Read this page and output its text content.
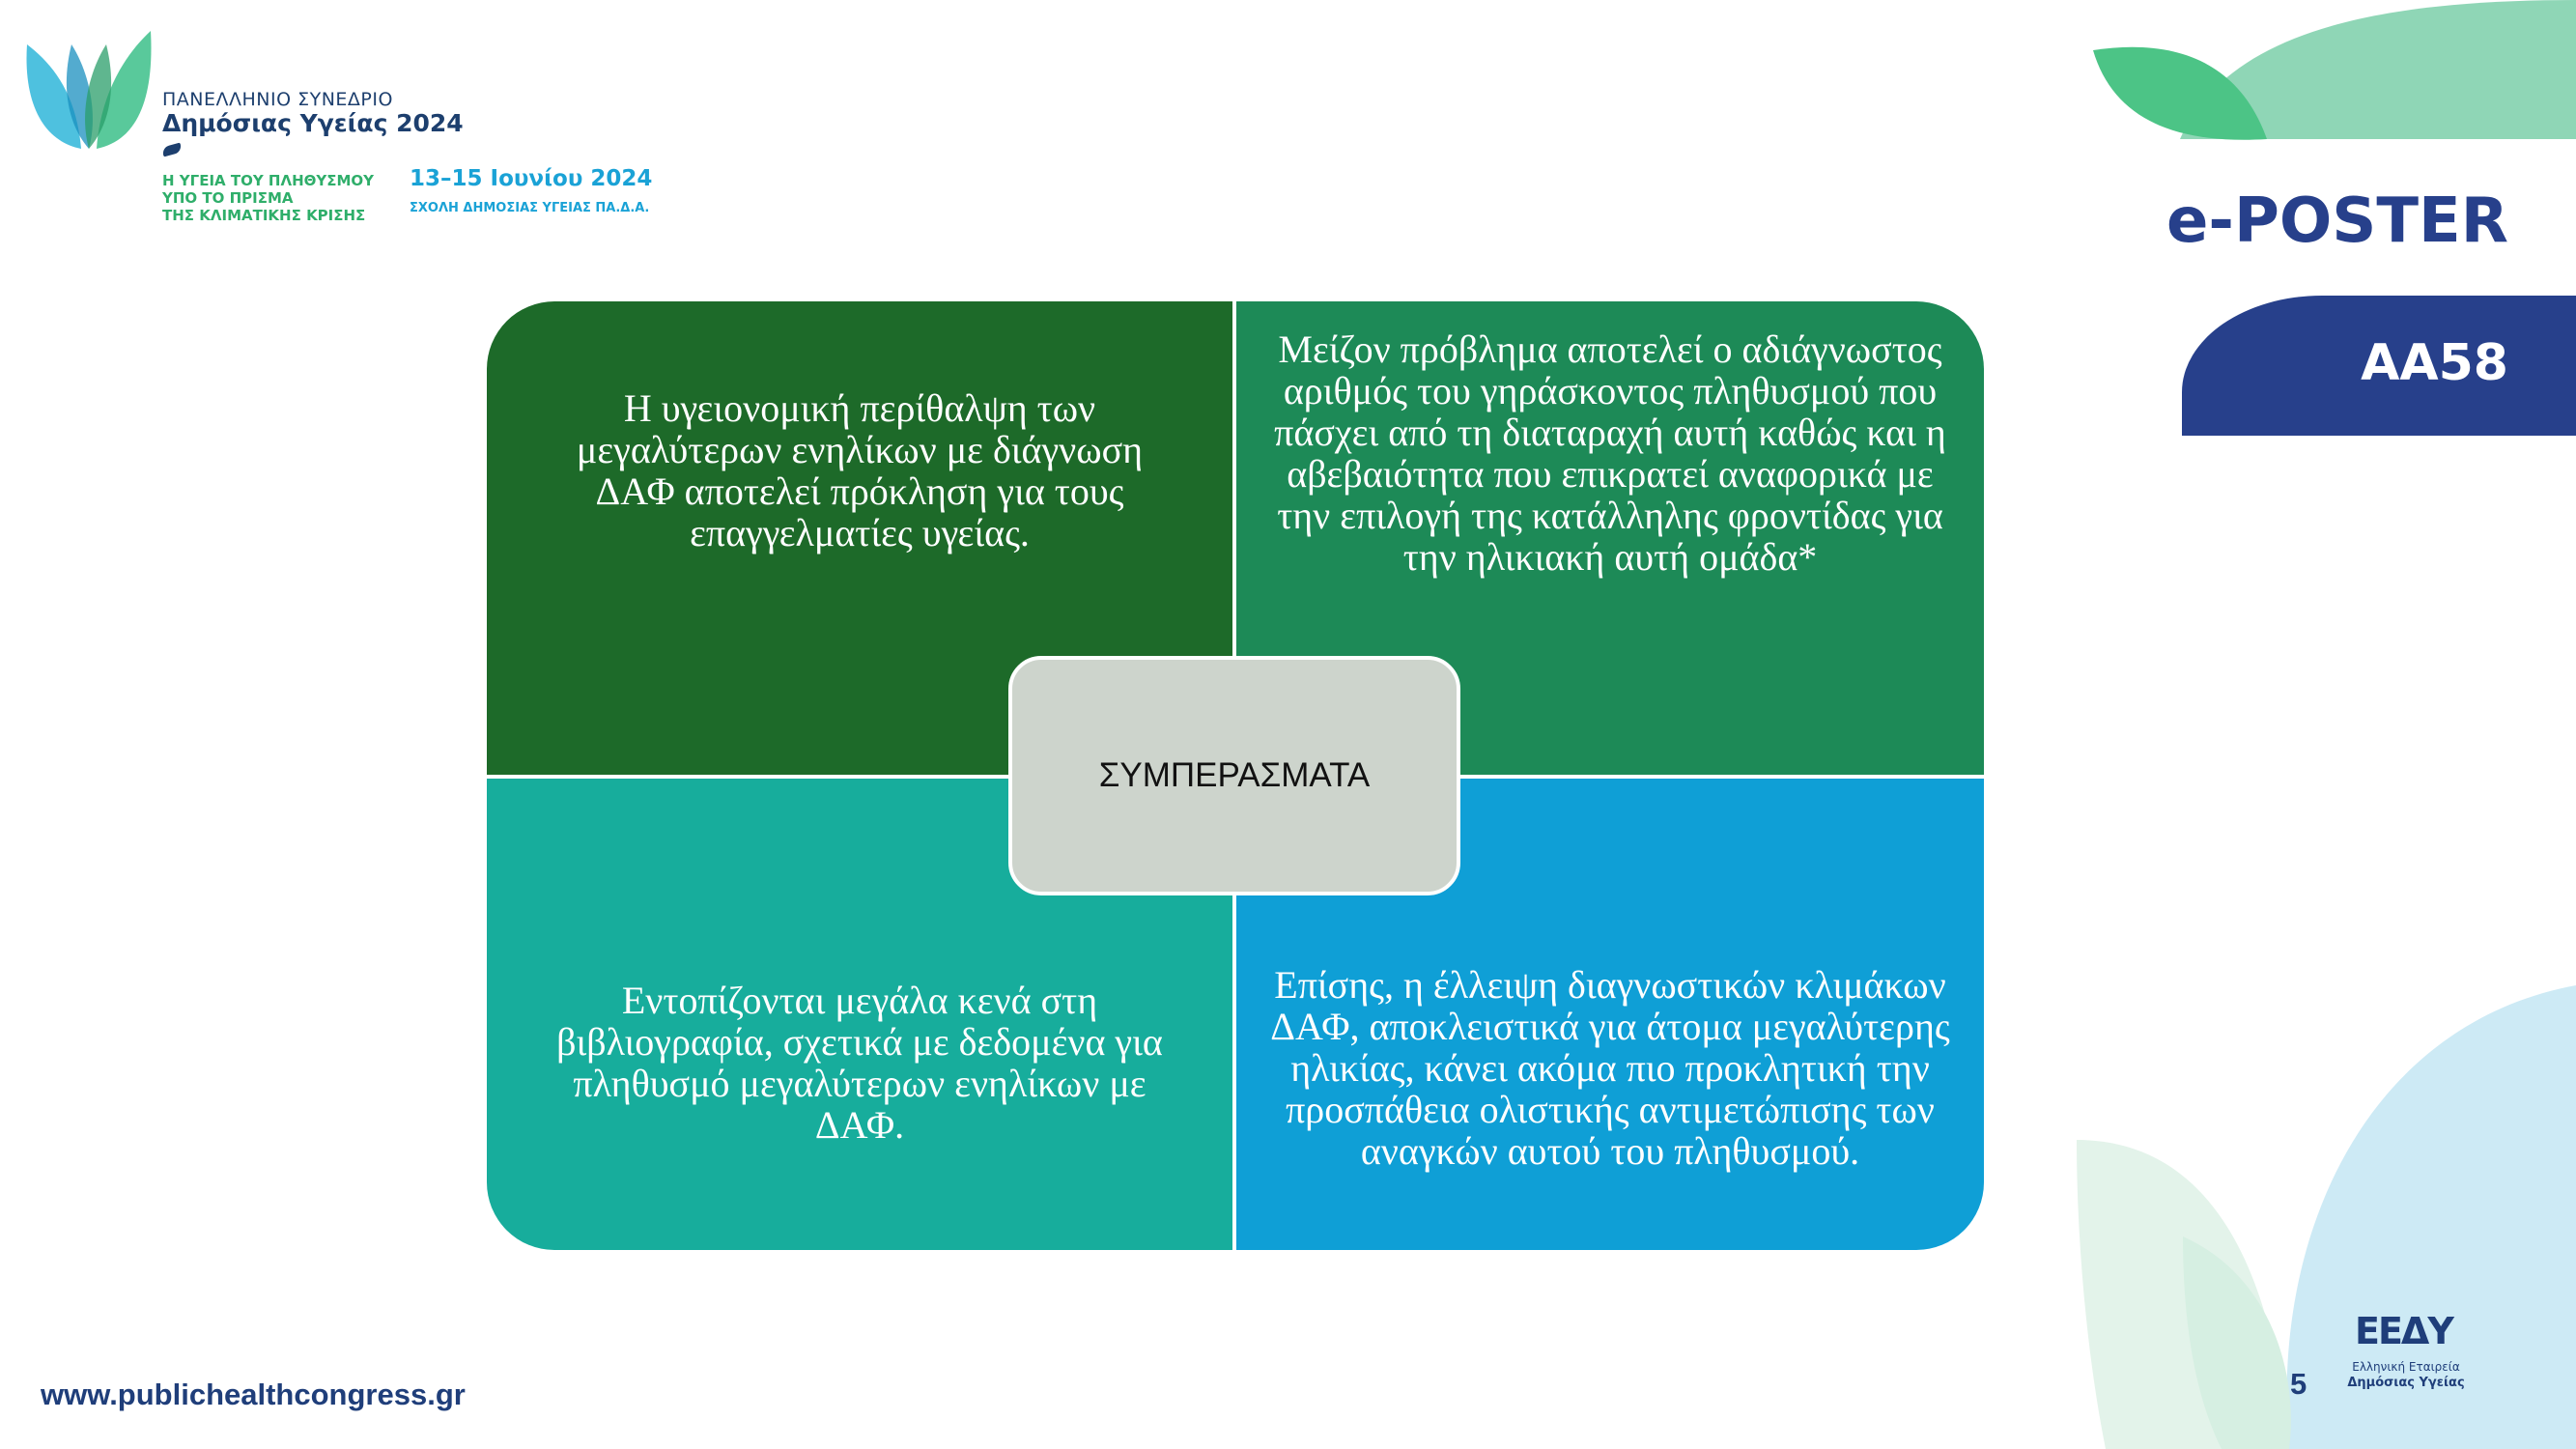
ΠΑΝΕΛΛΗΝΙΟ ΣΥΝΕΔΡΙΟ
Δημόσιας Υγείας 2024
Η ΥΓΕΙΑ ΤΟΥ ΠΛΗΘΥΣΜΟΥ
ΥΠΟ ΤΟ ΠΡΙΣΜΑ
ΤΗΣ ΚΛΙΜΑΤΙΚΗΣ ΚΡΙΣΗΣ
13–15 Ιουνίου 2024
ΣΧΟΛΗ ΔΗΜΟΣΙΑΣ ΥΓΕΙΑΣ ΠΑ.Δ.Α.	e-POSTER
ΑΑ58
Η υγειονομική περίθαλψη των μεγαλύτερων ενηλίκων με διάγνωση ΔΑΦ αποτελεί πρόκληση για τους επαγγελματίες υγείας.
Μείζον πρόβλημα αποτελεί ο αδιάγνωστος αριθμός του γηράσκοντος πληθυσμού που πάσχει από τη διαταραχή αυτή καθώς και η αβεβαιότητα που επικρατεί αναφορικά με την επιλογή της κατάλληλης φροντίδας για την ηλικιακή αυτή ομάδα*
Εντοπίζονται μεγάλα κενά στη βιβλιογραφία, σχετικά με δεδομένα για πληθυσμό μεγαλύτερων ενηλίκων με ΔΑΦ.
Επίσης, η έλλειψη διαγνωστικών κλιμάκων ΔΑΦ, αποκλειστικά για άτομα μεγαλύτερης ηλικίας, κάνει ακόμα πιο προκλητική την προσπάθεια ολιστικής αντιμετώπισης των αναγκών αυτού του πληθυσμού.
ΣΥΜΠΕΡΑΣΜΑΤΑ
www.publichealthcongress.gr	5
ΕΕΔΥ
Ελληνική Εταιρεία
Δημόσιας Υγείας
